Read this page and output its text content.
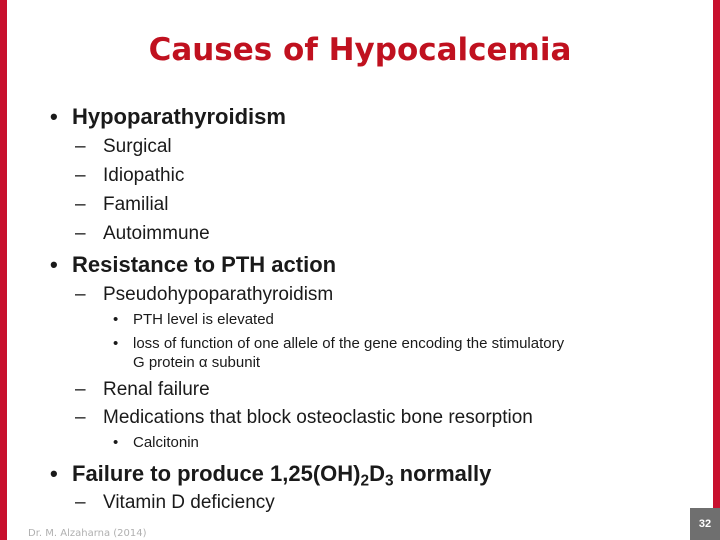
Causes of Hypocalcemia
• Hypoparathyroidism
– Surgical
– Idiopathic
– Familial
– Autoimmune
• Resistance to PTH action
– Pseudohypoparathyroidism
• PTH level is elevated
• loss of function of one allele of the gene encoding the stimulatory
G protein α subunit
– Renal failure
– Medications that block osteoclastic bone resorption
• Calcitonin
• Failure to produce $1,25(OH)_2D_3$ normally
– Vitamin D deficiency
Dr. M. Alzaharna (2014)
32
